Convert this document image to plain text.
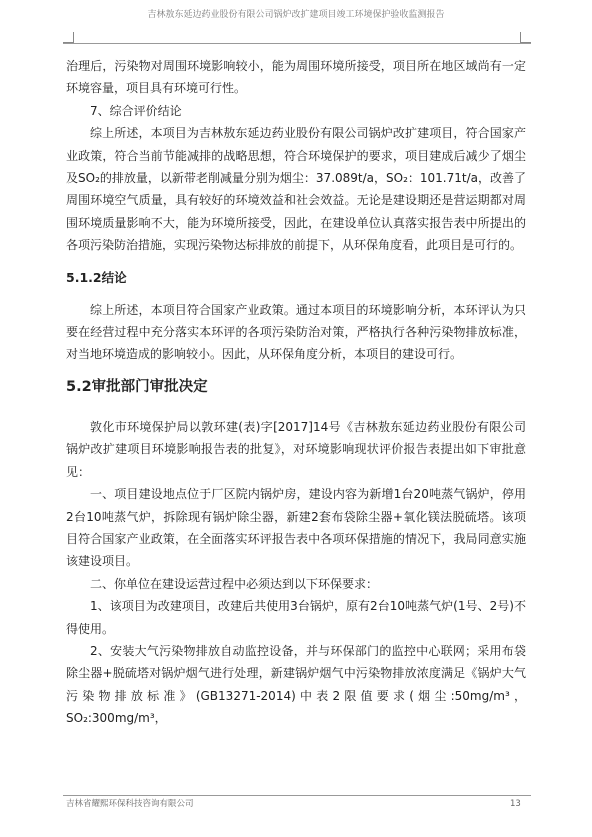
吉林敖东延边药业股份有限公司锅炉改扩建项目竣工环境保护验收监测报告

治理后，污染物对周围环境影响较小，能为周围环境所接受，项目所在地区域尚有一定环境容量，项目具有环境可行性。

7、综合评价结论

综上所述，本项目为吉林敖东延边药业股份有限公司锅炉改扩建项目，符合国家产业政策，符合当前节能减排的战略思想，符合环境保护的要求，项目建成后减少了烟尘及SO₂的排放量，以新带老削减量分别为烟尘：37.089t/a，SO₂：101.71t/a，改善了周围环境空气质量，具有较好的环境效益和社会效益。无论是建设期还是营运期都对周围环境质量影响不大，能为环境所接受，因此，在建设单位认真落实报告表中所提出的各项污染防治措施，实现污染物达标排放的前提下，从环保角度看，此项目是可行的。

5.1.2结论

综上所述，本项目符合国家产业政策。通过本项目的环境影响分析，本环评认为只要在经营过程中充分落实本环评的各项污染防治对策，严格执行各种污染物排放标准，对当地环境造成的影响较小。因此，从环保角度分析，本项目的建设可行。

5.2审批部门审批决定

敦化市环境保护局以敦环建(表)字[2017]14号《吉林敖东延边药业股份有限公司锅炉改扩建项目环境影响报告表的批复》，对环境影响现状评价报告表提出如下审批意见：

一、项目建设地点位于厂区院内锅炉房，建设内容为新增1台20吨蒸气锅炉，停用2台10吨蒸气炉，拆除现有锅炉除尘器，新建2套布袋除尘器+氧化镁法脱硫塔。该项目符合国家产业政策，在全面落实环评报告表中各项环保措施的情况下，我局同意实施该建设项目。

二、你单位在建设运营过程中必须达到以下环保要求：

1、该项目为改建项目，改建后共使用3台锅炉，原有2台10吨蒸气炉(1号、2号)不得使用。

2、安装大气污染物排放自动监控设备，并与环保部门的监控中心联网；采用布袋除尘器+脱硫塔对锅炉烟气进行处理，新建锅炉烟气中污染物排放浓度满足《锅炉大气污染物排放标准》(GB13271-2014)中表2限值要求(烟尘:50mg/m³，SO₂:300mg/m³，

吉林省耀熙环保科技咨询有限公司	13
